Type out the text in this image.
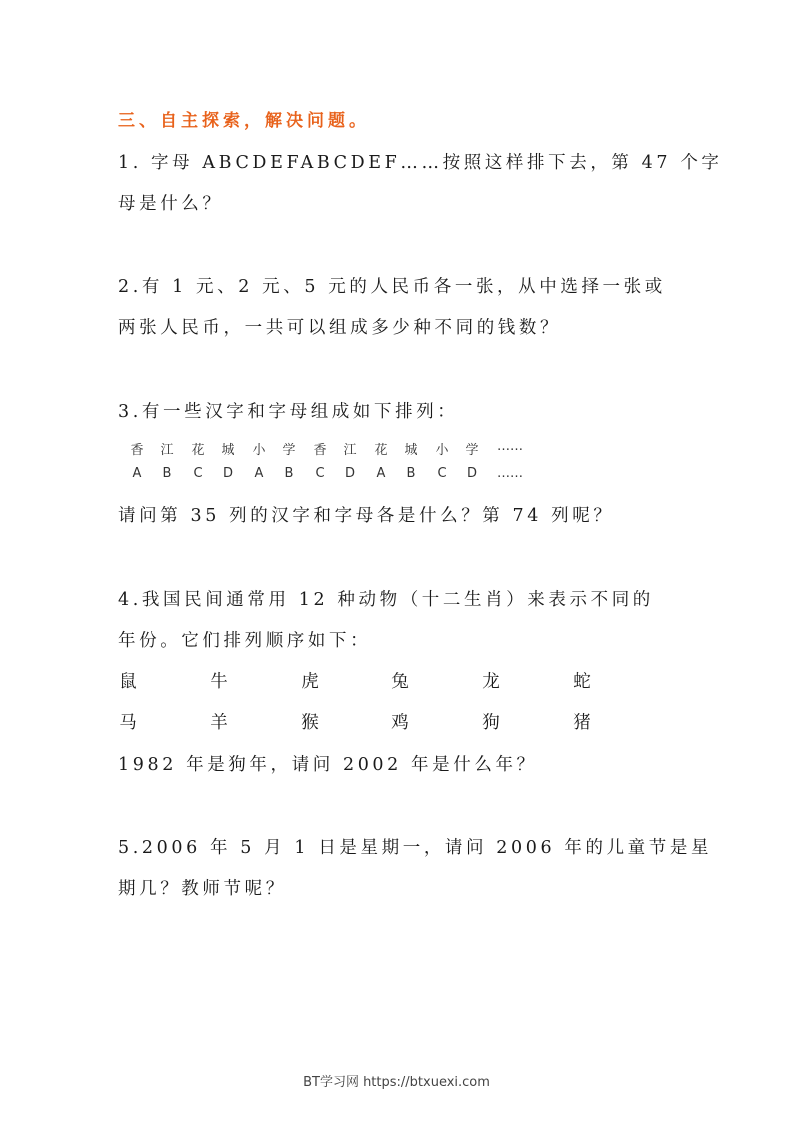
三、自主探索，解决问题。
1. 字母 ABCDEFABCDEF……按照这样排下去，第 47 个字
母是什么？
2.有 1 元、2 元、5 元的人民币各一张，从中选择一张或
两张人民币，一共可以组成多少种不同的钱数？
3.有一些汉字和字母组成如下排列：
香 江 花 城 小 学 香 江 花 城 小 学 ……
A B C D A B C D A B C D ……
请问第 35 列的汉字和字母各是什么？第 74 列呢？
4.我国民间通常用 12 种动物（十二生肖）来表示不同的
年份。它们排列顺序如下：
鼠	牛	虎	兔	龙	蛇
马	羊	猴	鸡	狗	猪
1982 年是狗年，请问 2002 年是什么年？
5.2006 年 5 月 1 日是星期一，请问 2006 年的儿童节是星
期几？教师节呢？
BT学习网 https://btxuexi.com
